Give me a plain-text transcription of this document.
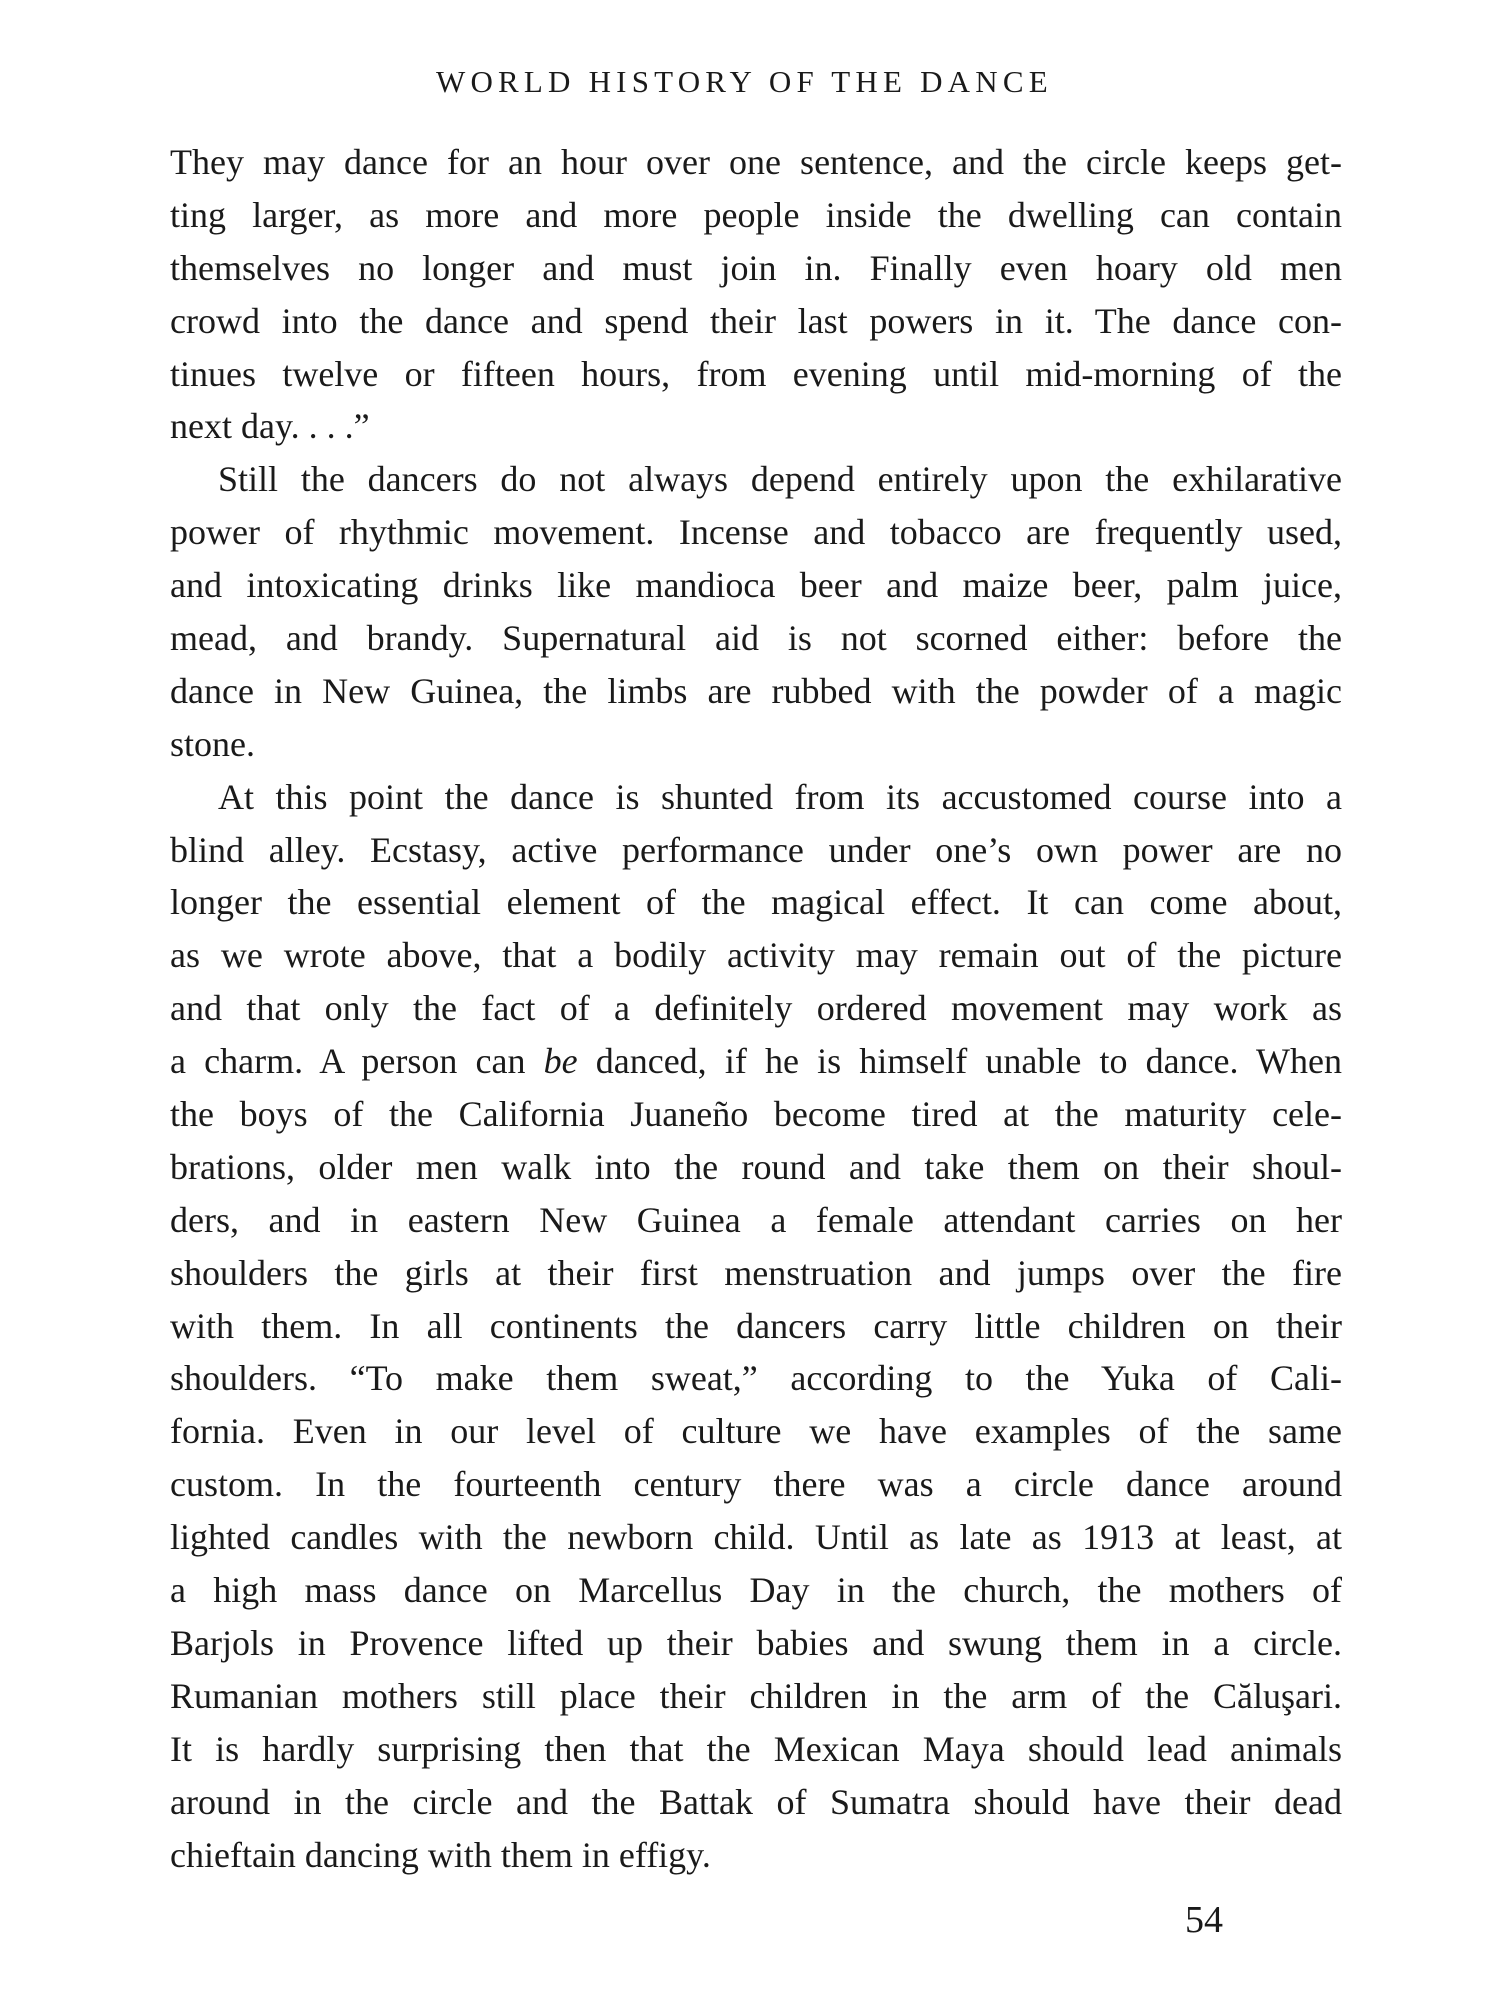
WORLD HISTORY OF THE DANCE
They may dance for an hour over one sentence, and the circle keeps get-
ting larger, as more and more people inside the dwelling can contain
themselves no longer and must join in. Finally even hoary old men
crowd into the dance and spend their last powers in it. The dance con-
tinues twelve or fifteen hours, from evening until mid-morning of the
next day. . . .”
Still the dancers do not always depend entirely upon the exhilarative
power of rhythmic movement. Incense and tobacco are frequently used,
and intoxicating drinks like mandioca beer and maize beer, palm juice,
mead, and brandy. Supernatural aid is not scorned either: before the
dance in New Guinea, the limbs are rubbed with the powder of a magic
stone.
At this point the dance is shunted from its accustomed course into a
blind alley. Ecstasy, active performance under one’s own power are no
longer the essential element of the magical effect. It can come about,
as we wrote above, that a bodily activity may remain out of the picture
and that only the fact of a definitely ordered movement may work as
a charm. A person can be danced, if he is himself unable to dance. When
the boys of the California Juaneño become tired at the maturity cele-
brations, older men walk into the round and take them on their shoul-
ders, and in eastern New Guinea a female attendant carries on her
shoulders the girls at their first menstruation and jumps over the fire
with them. In all continents the dancers carry little children on their
shoulders. “To make them sweat,” according to the Yuka of Cali-
fornia. Even in our level of culture we have examples of the same
custom. In the fourteenth century there was a circle dance around
lighted candles with the newborn child. Until as late as 1913 at least, at
a high mass dance on Marcellus Day in the church, the mothers of
Barjols in Provence lifted up their babies and swung them in a circle.
Rumanian mothers still place their children in the arm of the Căluşari.
It is hardly surprising then that the Mexican Maya should lead animals
around in the circle and the Battak of Sumatra should have their dead
chieftain dancing with them in effigy.
54
